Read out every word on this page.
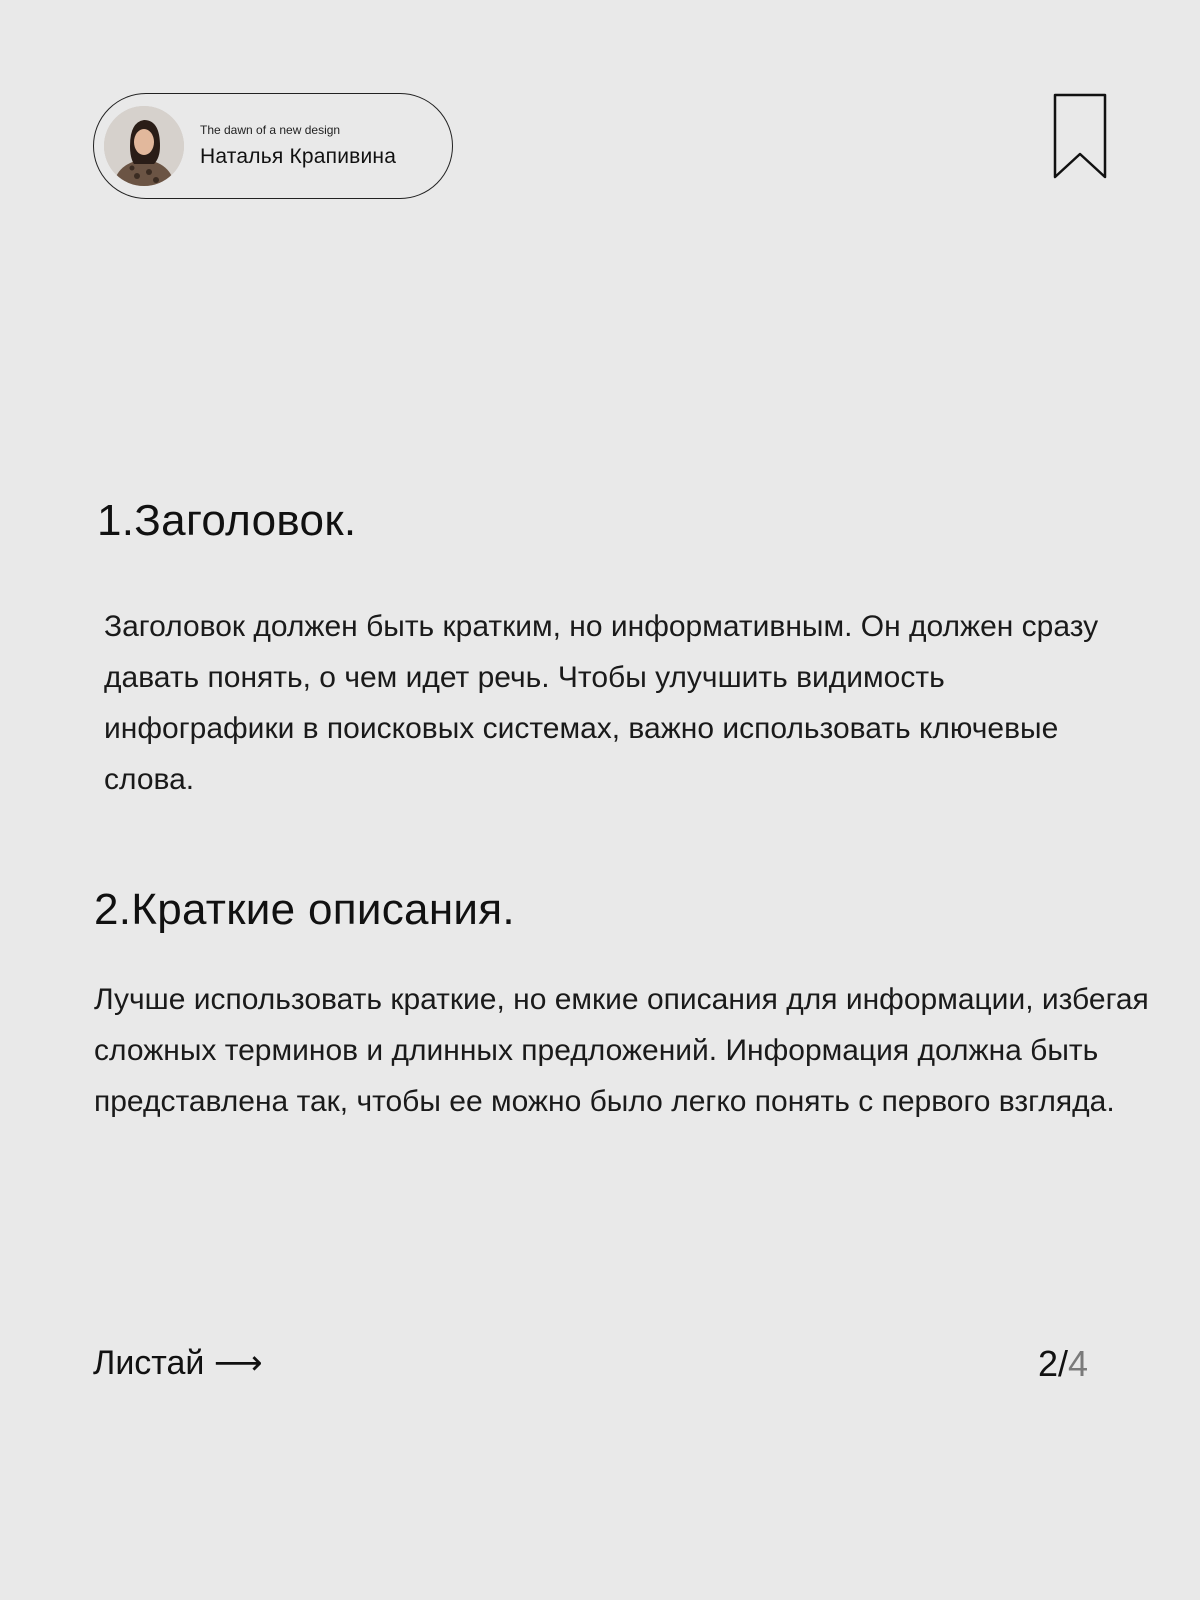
The dawn of a new design
Наталья Крапивина
1.Заголовок.

Заголовок должен быть кратким, но информативным. Он должен сразу давать понять, о чем идет речь. Чтобы улучшить видимость инфографики в поисковых системах, важно использовать ключевые слова.

2.Краткие описания.

Лучше использовать краткие, но емкие описания для информации, избегая сложных терминов и длинных предложений. Информация должна быть представлена так, чтобы ее можно было легко понять с первого взгляда.

Листай ⟶	2/4
